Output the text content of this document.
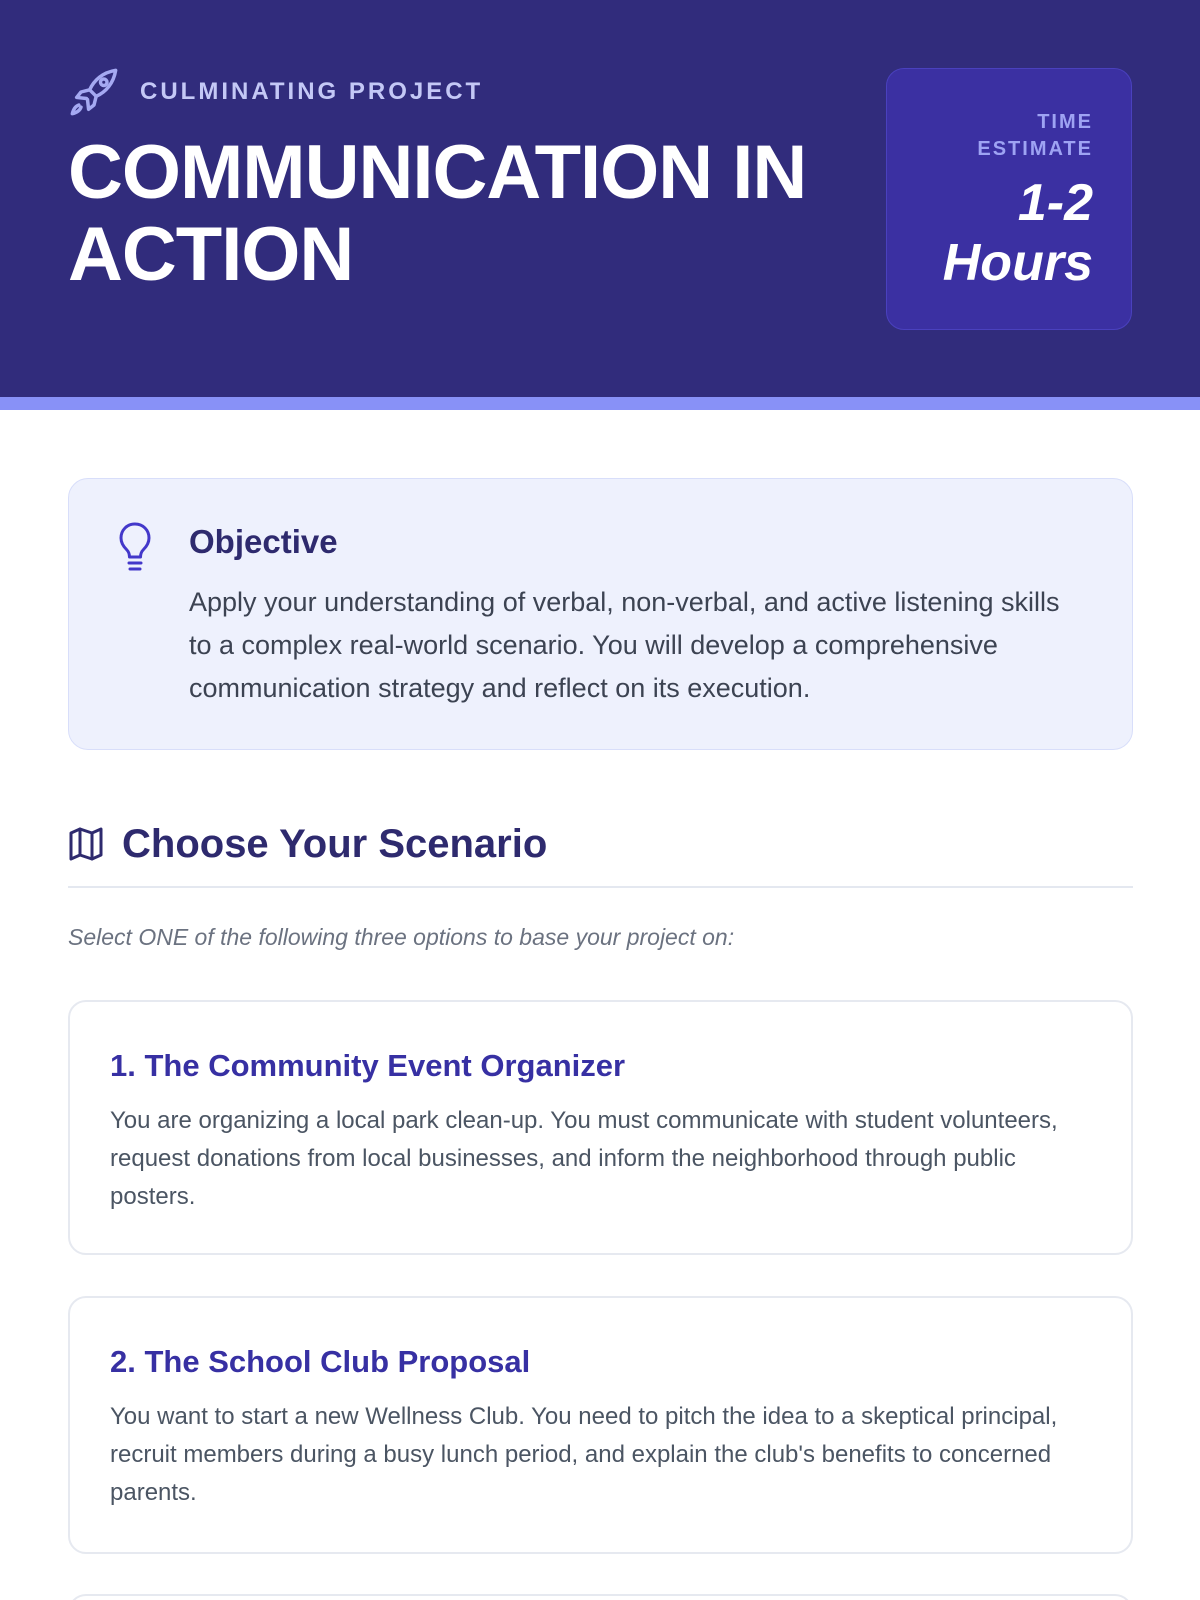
CULMINATING PROJECT
COMMUNICATION IN ACTION
TIME ESTIMATE
1-2 Hours
Objective

Apply your understanding of verbal, non-verbal, and active listening skills to a complex real-world scenario. You will develop a comprehensive communication strategy and reflect on its execution.

Choose Your Scenario

Select ONE of the following three options to base your project on:

1. The Community Event Organizer

You are organizing a local park clean-up. You must communicate with student volunteers, request donations from local businesses, and inform the neighborhood through public posters.

2. The School Club Proposal

You want to start a new Wellness Club. You need to pitch the idea to a skeptical principal, recruit members during a busy lunch period, and explain the club's benefits to concerned parents.
